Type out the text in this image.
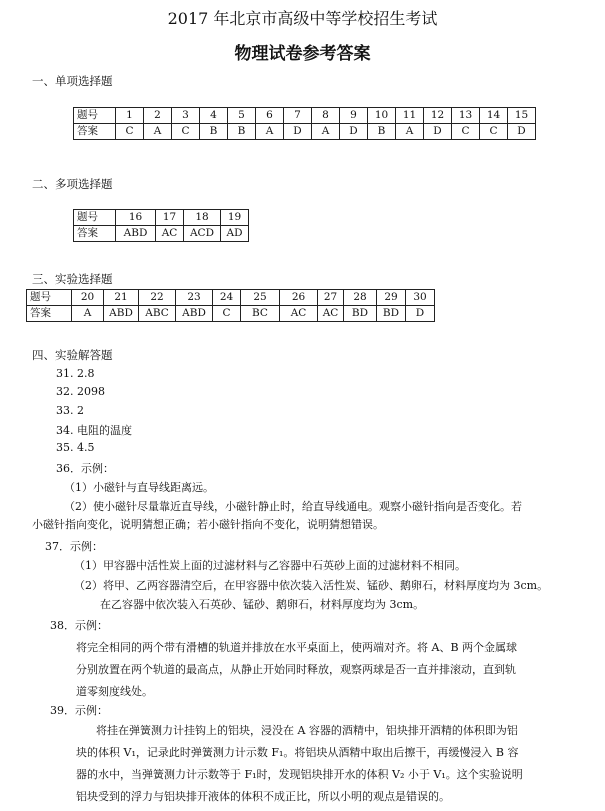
2017 年北京市高级中等学校招生考试
物理试卷参考答案
一、单项选择题
题号	1	2	3	4	5	6	7	8	9	10	11	12	13	14	15
答案	C	A	C	B	B	A	D	A	D	B	A	D	C	C	D
二、多项选择题
题号	16	17	18	19
答案	ABD	AC	ACD	AD
三、实验选择题
题号	20	21	22	23	24	25	26	27	28	29	30
答案	A	ABD	ABC	ABD	C	BC	AC	AC	BD	BD	D
四、实验解答题
31. 2.8
32. 2098
33. 2
34. 电阻的温度
35. 4.5
36．示例：
（1）小磁针与直导线距离远。
（2）使小磁针尽量靠近直导线，小磁针静止时，给直导线通电。观察小磁针指向是否变化。若
小磁针指向变化，说明猜想正确；若小磁针指向不变化，说明猜想错误。
37．示例：
（1）甲容器中活性炭上面的过滤材料与乙容器中石英砂上面的过滤材料不相同。
（2）将甲、乙两容器清空后，在甲容器中依次装入活性炭、锰砂、鹅卵石，材料厚度均为 3cm。
在乙容器中依次装入石英砂、锰砂、鹅卵石，材料厚度均为 3cm。
38．示例：
将完全相同的两个带有滑槽的轨道并排放在水平桌面上，使两端对齐。将 A、B 两个金属球
分别放置在两个轨道的最高点，从静止开始同时释放，观察两球是否一直并排滚动，直到轨
道零刻度线处。
39．示例：
将挂在弹簧测力计挂钩上的铝块，浸没在 A 容器的酒精中，铝块排开酒精的体积即为铝
块的体积 V₁，记录此时弹簧测力计示数 F₁。将铝块从酒精中取出后擦干，再缓慢浸入 B 容
器的水中，当弹簧测力计示数等于 F₁时，发现铝块排开水的体积 V₂ 小于 V₁。这个实验说明
铝块受到的浮力与铝块排开液体的体积不成正比，所以小明的观点是错误的。
